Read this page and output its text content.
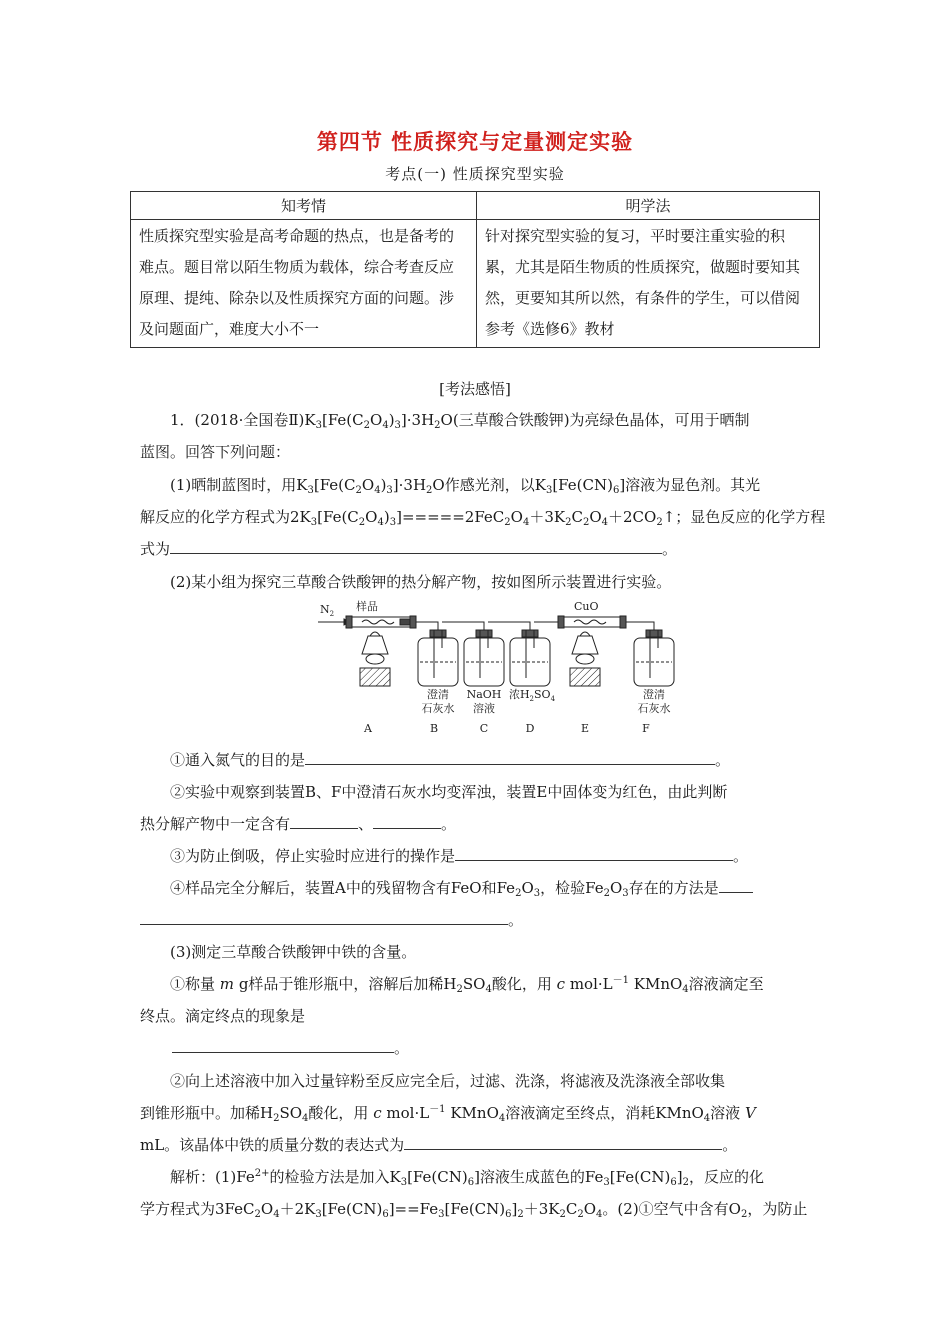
第四节 性质探究与定量测定实验
考点(一) 性质探究型实验
知考情	明学法
性质探究型实验是高考命题的热点，也是备考的难点。题目常以陌生物质为载体，综合考查反应原理、提纯、除杂以及性质探究方面的问题。涉及问题面广，难度大小不一	针对探究型实验的复习，平时要注重实验的积累，尤其是陌生物质的性质探究，做题时要知其然，更要知其所以然，有条件的学生，可以借阅参考《选修6》教材
[考法感悟]
1．(2018·全国卷$Ⅱ)K_3[Fe(C_2O_4)_3]\cdot 3H_2O$(三草酸合铁酸钾)为亮绿色晶体，可用于晒制
蓝图。回答下列问题：
(1)晒制蓝图时，用$K_3[Fe(C_2O_4)_3]\cdot 3H_2O$作感光剂，以$K_3[Fe(CN)_6]$溶液为显色剂。其光
解反应的化学方程式为$2K_3[Fe(C_2O_4)_3]=====2FeC_2O_4+3K_2C_2O_4+2CO_2↑$；显色反应的化学方程
式为	。
(2)某小组为探究三草酸合铁酸钾的热分解产物，按如图所示装置进行实验。
$N_2$
样品	CuO
澄清
石灰水
NaOH
溶液
浓$H_2SO_4$	澄清
石灰水
A	B	C	D	E	F
①通入氮气的目的是	。
②实验中观察到装置B、F中澄清石灰水均变浑浊，装置E中固体变为红色，由此判断
热分解产物中一定含有	、	。
③为防止倒吸，停止实验时应进行的操作是	。
④样品完全分解后，装置A中的残留物含有FeO和$Fe_2O_3$，检验$Fe_2O_3$存在的方法是
。
(3)测定三草酸合铁酸钾中铁的含量。
①称量 m g样品于锥形瓶中，溶解后加稀$H_2SO_4$酸化，用 c $mol\cdot L^{-1}$ KMnO$_4$溶液滴定至
终点。滴定终点的现象是
。
②向上述溶液中加入过量锌粉至反应完全后，过滤、洗涤，将滤液及洗涤液全部收集
到锥形瓶中。加稀$H_2SO_4$酸化，用 c $mol\cdot L^{-1}$ KMnO$_4$溶液滴定至终点，消耗KMnO$_4$溶液 V
mL。该晶体中铁的质量分数的表达式为	。
解析：$(1)Fe^{2+}$的检验方法是加入$K_3[Fe(CN)_6]$溶液生成蓝色的$Fe_3[Fe(CN)_6]_2$，反应的化
学方程式为$3FeC_2O_4+2K_3[Fe(CN)_6]==Fe_3[Fe(CN)_6]_2+3K_2C_2O_4$。(2)①空气中含有$O_2$，为防止
